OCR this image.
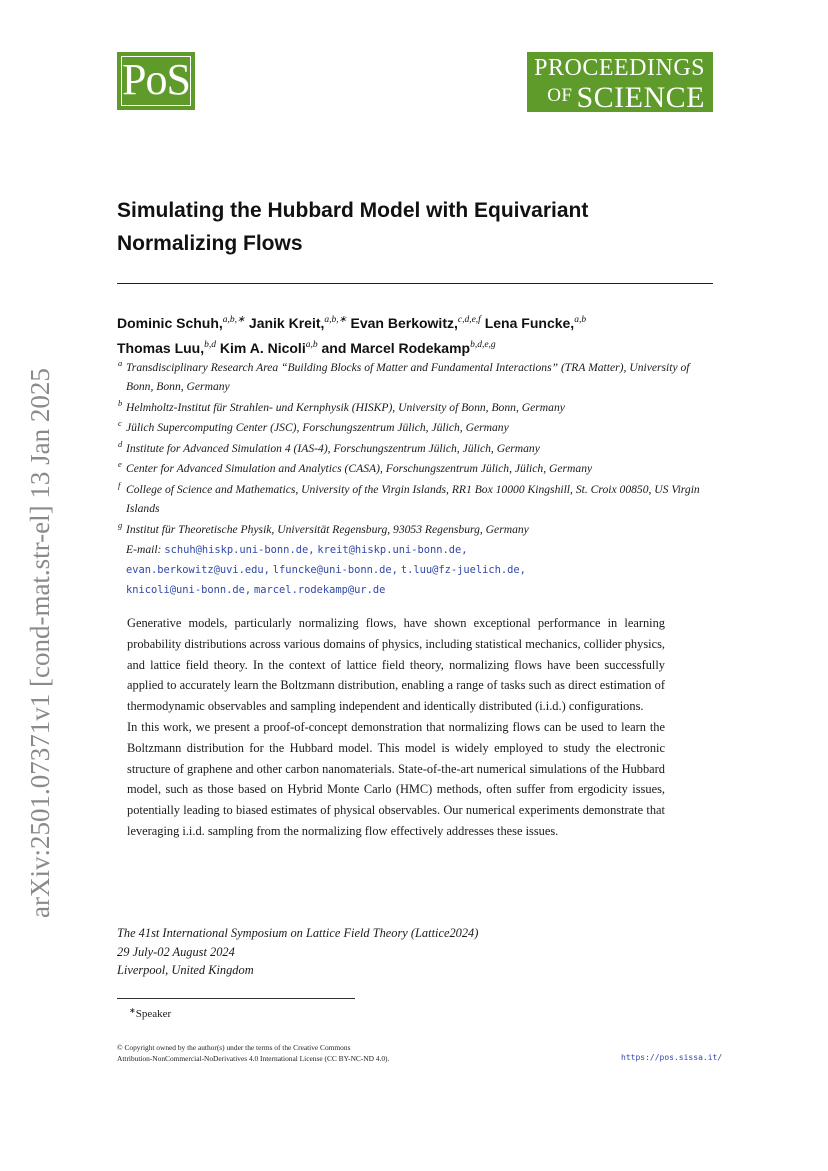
PoS	PROCEEDINGS
$^{OF}$ SCIENCE
arXiv:2501.07371v1 [cond-mat.str-el] 13 Jan 2025
Simulating the Hubbard Model with Equivariant
Normalizing Flows
Dominic Schuh,$^{a,b,∗}$ Janik Kreit,$^{a,b,∗}$ Evan Berkowitz,$^{c,d,e,f}$ Lena Funcke,$^{a,b}$
Thomas Luu,$^{b,d}$ Kim A. Nicoli$^{a,b}$ and Marcel Rodekamp$^{b,d,e,g}$
a Transdisciplinary Research Area “Building Blocks of Matter and Fundamental Interactions” (TRA Matter), University of Bonn, Bonn, Germany
b Helmholtz-Institut für Strahlen- und Kernphysik (HISKP), University of Bonn, Bonn, Germany
c Jülich Supercomputing Center (JSC), Forschungszentrum Jülich, Jülich, Germany
d Institute for Advanced Simulation 4 (IAS-4), Forschungszentrum Jülich, Jülich, Germany
e Center for Advanced Simulation and Analytics (CASA), Forschungszentrum Jülich, Jülich, Germany
f College of Science and Mathematics, University of the Virgin Islands, RR1 Box 10000 Kingshill, St. Croix 00850, US Virgin Islands
g Institut für Theoretische Physik, Universität Regensburg, 93053 Regensburg, Germany
E-mail: schuh@hiskp.uni-bonn.de, kreit@hiskp.uni-bonn.de,
evan.berkowitz@uvi.edu, lfuncke@uni-bonn.de, t.luu@fz-juelich.de,
knicoli@uni-bonn.de, marcel.rodekamp@ur.de

Generative models, particularly normalizing flows, have shown exceptional performance in learning probability distributions across various domains of physics, including statistical mechanics, collider physics, and lattice field theory. In the context of lattice field theory, normalizing flows have been successfully applied to accurately learn the Boltzmann distribution, enabling a range of tasks such as direct estimation of thermodynamic observables and sampling independent and identically distributed (i.i.d.) configurations.

In this work, we present a proof-of-concept demonstration that normalizing flows can be used to learn the Boltzmann distribution for the Hubbard model. This model is widely employed to study the electronic structure of graphene and other carbon nanomaterials. State-of-the-art numerical simulations of the Hubbard model, such as those based on Hybrid Monte Carlo (HMC) methods, often suffer from ergodicity issues, potentially leading to biased estimates of physical observables. Our numerical experiments demonstrate that leveraging i.i.d. sampling from the normalizing flow effectively addresses these issues.

The 41st International Symposium on Lattice Field Theory (Lattice2024)
29 July-02 August 2024
Liverpool, United Kingdom
∗Speaker
© Copyright owned by the author(s) under the terms of the Creative Commons
Attribution-NonCommercial-NoDerivatives 4.0 International License (CC BY-NC-ND 4.0).	https://pos.sissa.it/
